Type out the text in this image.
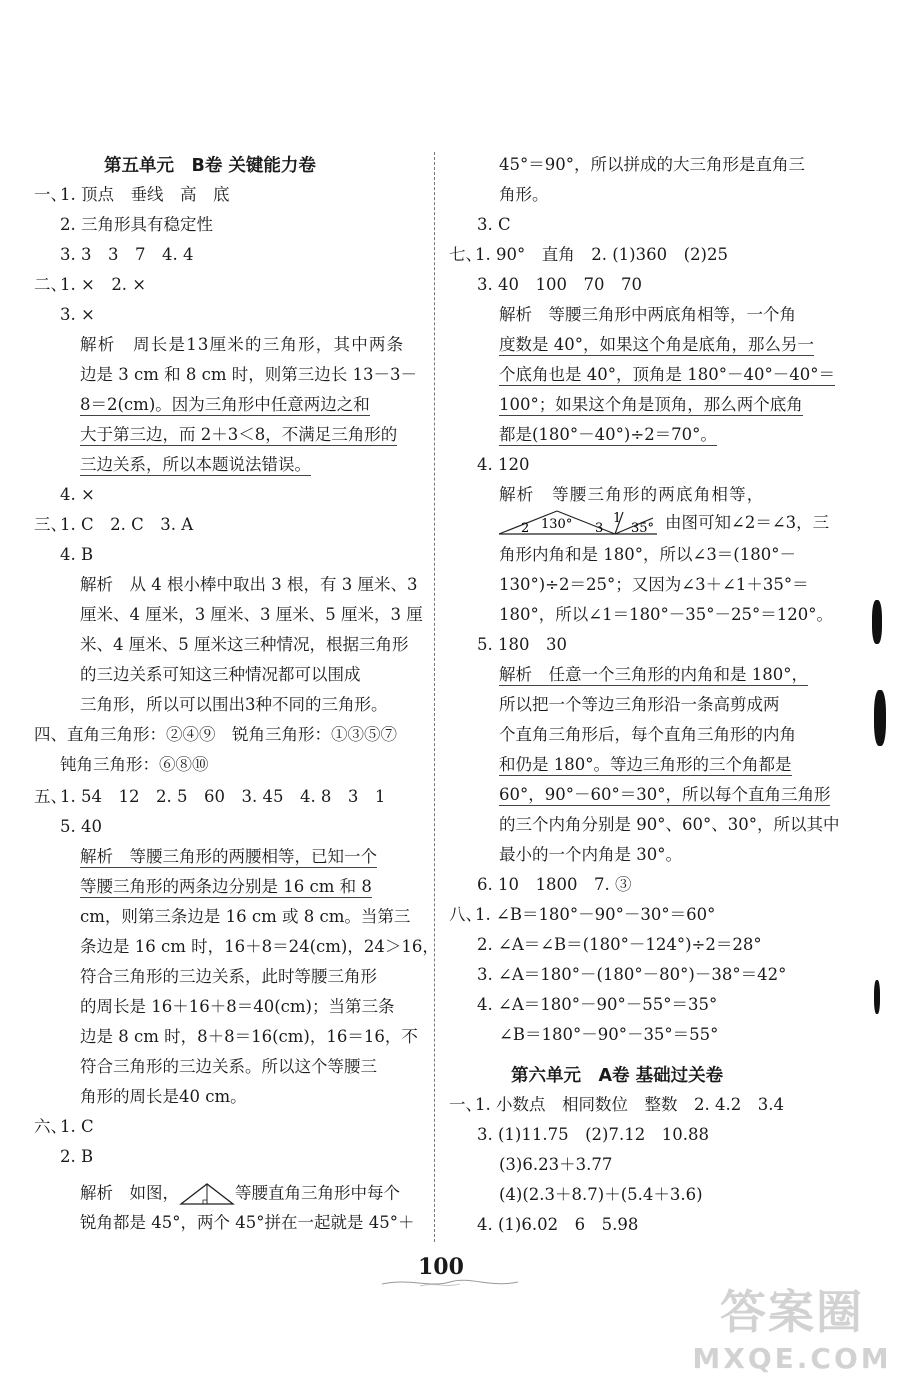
第五单元　B卷 关键能力卷
一、
1. 顶点　垂线　高　底
2. 三角形具有稳定性
3. 3　3　7　4. 4
二、
1. ×　2. ×
3. ×
解析　周长是13厘米的三角形，其中两条
边是 3 cm 和 8 cm 时，则第三边长 13－3－
8＝2(cm)。因为三角形中任意两边之和
大于第三边，而 2＋3＜8，不满足三角形的
三边关系，所以本题说法错误。
4. ×
三、
1. C　2. C　3. A
4. B
解析　从 4 根小棒中取出 3 根，有 3 厘米、3
厘米、4 厘米，3 厘米、3 厘米、5 厘米，3 厘
米、4 厘米、5 厘米这三种情况，根据三角形
的三边关系可知这三种情况都可以围成
三角形，所以可以围出3种不同的三角形。
四、直角三角形：②④⑨　锐角三角形：①③⑤⑦
钝角三角形：⑥⑧⑩
五、
1. 54　12　2. 5　60　3. 45　4. 8　3　1
5. 40
解析　等腰三角形的两腰相等，已知一个
等腰三角形的两条边分别是 16 cm 和 8
cm，则第三条边是 16 cm 或 8 cm。当第三
条边是 16 cm 时，16＋8＝24(cm)，24＞16，
符合三角形的三边关系，此时等腰三角形
的周长是 16＋16＋8＝40(cm)；当第三条
边是 8 cm 时，8＋8＝16(cm)，16＝16，不
符合三角形的三边关系。所以这个等腰三
角形的周长是40 cm。
六、
1. C
2. B
解析　如图，	等腰直角三角形中每个
锐角都是 45°，两个 45°拼在一起就是 45°＋
45°＝90°，所以拼成的大三角形是直角三
角形。
3. C
七、
1. 90°　直角　2. (1)360　(2)25
3. 40　100　70　70
解析　等腰三角形中两底角相等，一个角
度数是 40°，如果这个角是底角，那么另一
个底角也是 40°，顶角是 180°－40°－40°＝
100°；如果这个角是顶角，那么两个底角
都是(180°－40°)÷2＝70°。
4. 120
解析　等腰三角形的两底角相等，
2 130° 3
1
35° 由图可知∠2＝∠3，三
角形内角和是 180°，所以∠3＝(180°－
130°)÷2＝25°；又因为∠3＋∠1＋35°＝
180°，所以∠1＝180°－35°－25°＝120°。
5. 180　30
解析　任意一个三角形的内角和是 180°，
所以把一个等边三角形沿一条高剪成两
个直角三角形后，每个直角三角形的内角
和仍是 180°。等边三角形的三个角都是
60°，90°－60°＝30°，所以每个直角三角形
的三个内角分别是 90°、60°、30°，所以其中
最小的一个内角是 30°。
6. 10　1800　7. ③
八、
1. ∠B＝180°－90°－30°＝60°
2. ∠A＝∠B＝(180°－124°)÷2＝28°
3. ∠A＝180°－(180°－80°)－38°＝42°
4. ∠A＝180°－90°－55°＝35°
∠B＝180°－90°－35°＝55°
第六单元　A卷 基础过关卷
一、
1. 小数点　相同数位　整数　2. 4.2　3.4
3. (1)11.75　(2)7.12　10.88
(3)6.23＋3.77
(4)(2.3＋8.7)＋(5.4＋3.6)
4. (1)6.02　6　5.98
100
答案圈
MXQE.COM
